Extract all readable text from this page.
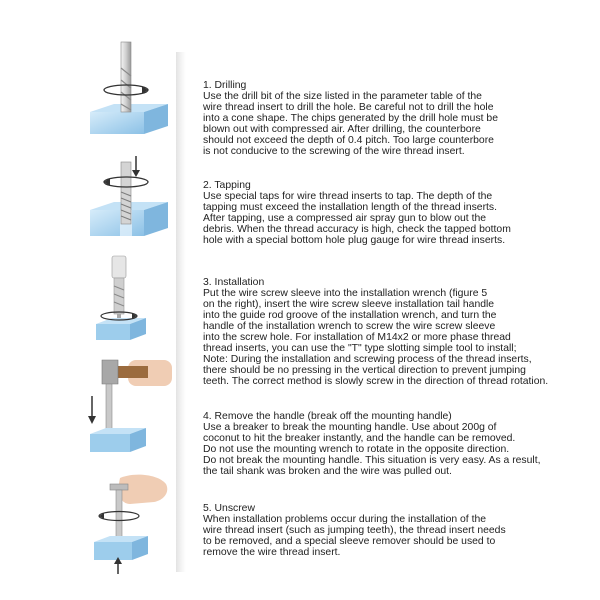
1. Drilling

Use the drill bit of the size listed in the parameter table of the
wire thread insert to drill the hole. Be careful not to drill the hole
into a cone shape. The chips generated by the drill hole must be
blown out with compressed air. After drilling, the counterbore
should not exceed the depth of 0.4 pitch. Too large counterbore
is not conducive to the screwing of the wire thread insert.

2. Tapping

Use special taps for wire thread inserts to tap. The depth of the
tapping must exceed the installation length of the thread inserts.
After tapping, use a compressed air spray gun to blow out the
debris. When the thread accuracy is high, check the tapped bottom
hole with a special bottom hole plug gauge for wire thread inserts.

3. Installation

Put the wire screw sleeve into the installation wrench (figure 5
on the right), insert the wire screw sleeve installation tail handle
into the guide rod groove of the installation wrench, and turn the
handle of the installation wrench to screw the wire screw sleeve
into the screw hole. For installation of M14x2 or more phase thread
thread inserts, you can use the "T" type slotting simple tool to install;
Note: During the installation and screwing process of the thread inserts,
there should be no pressing in the vertical direction to prevent jumping
teeth. The correct method is slowly screw in the direction of thread rotation.

4. Remove the handle (break off the mounting handle)

Use a breaker to break the mounting handle. Use about 200g of
coconut to hit the breaker instantly, and the handle can be removed.
Do not use the mounting wrench to rotate in the opposite direction.
Do not break the mounting handle. This situation is very easy. As a result,
the tail shank was broken and the wire was pulled out.

5. Unscrew

When installation problems occur during the installation of the
wire thread insert (such as jumping teeth), the thread insert needs
to be removed, and a special sleeve remover should be used to
remove the wire thread insert.
